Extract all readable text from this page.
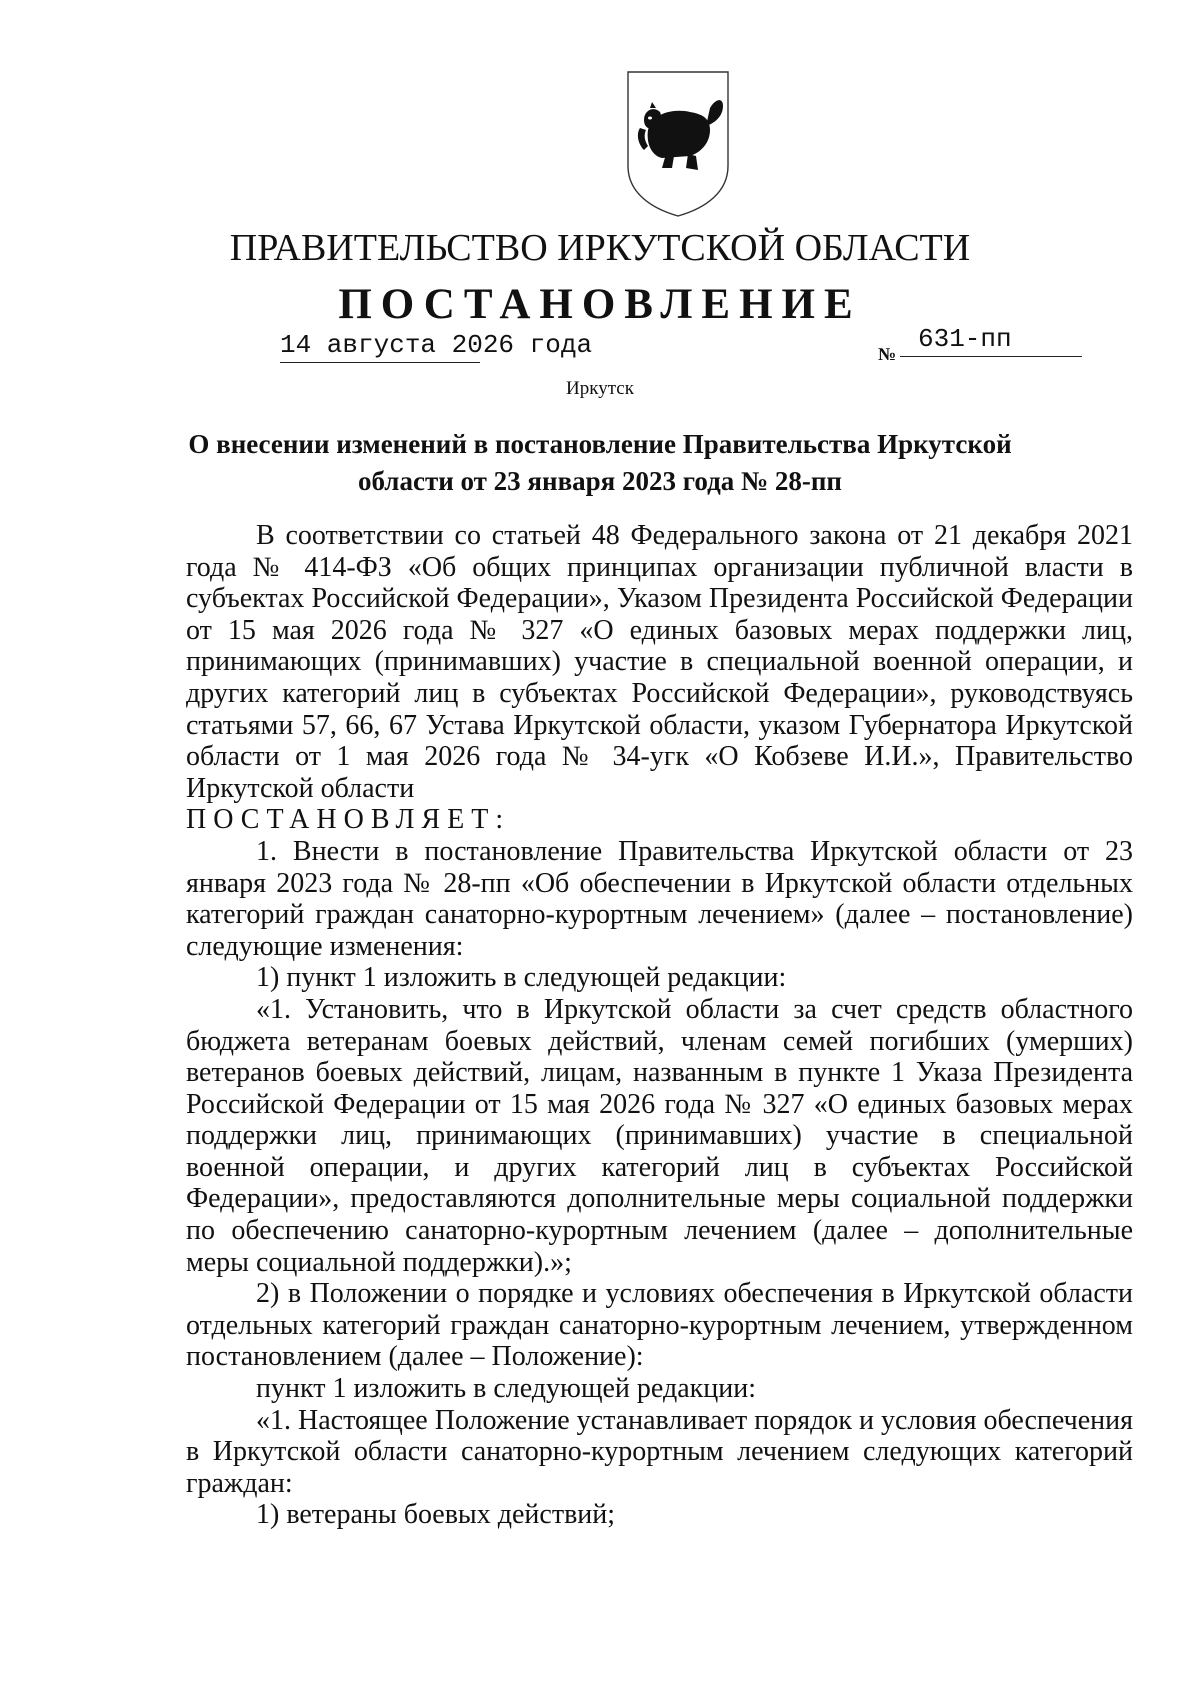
ПРАВИТЕЛЬСТВО ИРКУТСКОЙ ОБЛАСТИ
ПОСТАНОВЛЕНИЕ
14 августа 2026 года	№ 631-пп
Иркутск
О внесении изменений в постановление Правительства Иркутской
области от 23 января 2023 года № 28-пп

В соответствии со статьей 48 Федерального закона от 21 декабря 2021 года № 414-ФЗ «Об общих принципах организации публичной власти в субъектах Российской Федерации», Указом Президента Российской Федерации от 15 мая 2026 года № 327 «О единых базовых мерах поддержки лиц, принимающих (принимавших) участие в специальной военной операции, и других категорий лиц в субъектах Российской Федерации», руководствуясь статьями 57, 66, 67 Устава Иркутской области, указом Губернатора Иркутской области от 1 мая 2026 года № 34-угк «О Кобзеве И.И.», Правительство Иркутской области

ПОСТАНОВЛЯЕТ:

1. Внести в постановление Правительства Иркутской области от 23 января 2023 года № 28-пп «Об обеспечении в Иркутской области отдельных категорий граждан санаторно-курортным лечением» (далее – постановление) следующие изменения:

1) пункт 1 изложить в следующей редакции:

«1. Установить, что в Иркутской области за счет средств областного бюджета ветеранам боевых действий, членам семей погибших (умерших) ветеранов боевых действий, лицам, названным в пункте 1 Указа Президента Российской Федерации от 15 мая 2026 года № 327 «О единых базовых мерах поддержки лиц, принимающих (принимавших) участие в специальной военной операции, и других категорий лиц в субъектах Российской Федерации», предоставляются дополнительные меры социальной поддержки по обеспечению санаторно-курортным лечением (далее – дополнительные меры социальной поддержки).»;

2) в Положении о порядке и условиях обеспечения в Иркутской области отдельных категорий граждан санаторно-курортным лечением, утвержденном постановлением (далее – Положение):

пункт 1 изложить в следующей редакции:

«1. Настоящее Положение устанавливает порядок и условия обеспечения в Иркутской области санаторно-курортным лечением следующих категорий граждан:

1) ветераны боевых действий;
